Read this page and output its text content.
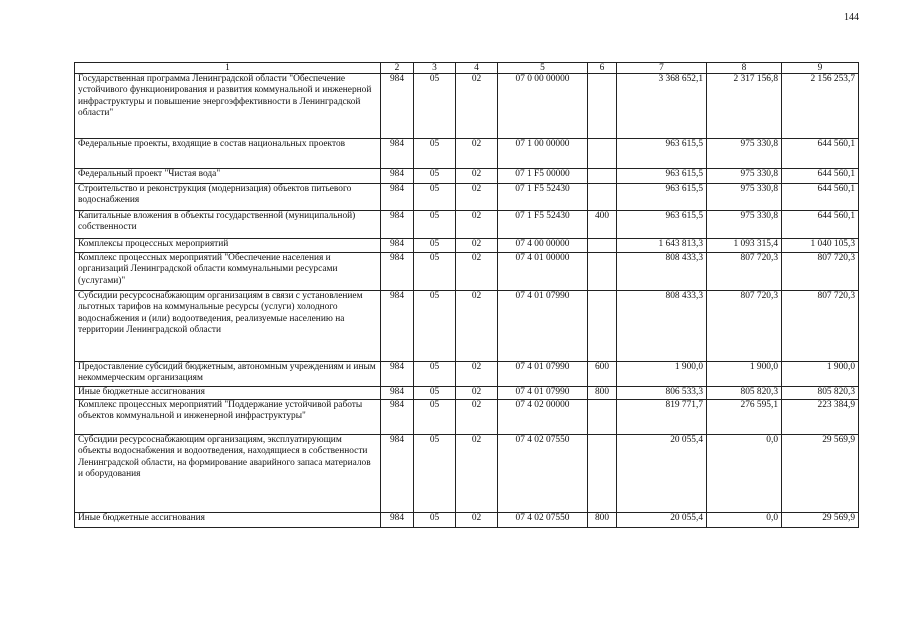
144
1	2	3	4	5	6	7	8	9
Государственная программа Ленинградской области "Обеспечение устойчивого функционирования и развития коммунальной и инженерной инфраструктуры и повышение энергоэффективности в Ленинградской области"	984	05	02	07 0 00 00000		3 368 652,1	2 317 156,8	2 156 253,7
Федеральные проекты, входящие в состав национальных проектов	984	05	02	07 1 00 00000		963 615,5	975 330,8	644 560,1
Федеральный проект "Чистая вода"	984	05	02	07 1 F5 00000		963 615,5	975 330,8	644 560,1
Строительство и реконструкция (модернизация) объектов питьевого водоснабжения	984	05	02	07 1 F5 52430		963 615,5	975 330,8	644 560,1
Капитальные вложения в объекты государственной (муниципальной) собственности	984	05	02	07 1 F5 52430	400	963 615,5	975 330,8	644 560,1
Комплексы процессных мероприятий	984	05	02	07 4 00 00000		1 643 813,3	1 093 315,4	1 040 105,3
Комплекс процессных мероприятий "Обеспечение населения и организаций Ленинградской области коммунальными ресурсами (услугами)"	984	05	02	07 4 01 00000		808 433,3	807 720,3	807 720,3
Субсидии ресурсоснабжающим организациям в связи с установлением льготных тарифов на коммунальные ресурсы (услуги) холодного водоснабжения и (или) водоотведения, реализуемые населению на территории Ленинградской области	984	05	02	07 4 01 07990		808 433,3	807 720,3	807 720,3
Предоставление субсидий бюджетным, автономным учреждениям и иным некоммерческим организациям	984	05	02	07 4 01 07990	600	1 900,0	1 900,0	1 900,0
Иные бюджетные ассигнования	984	05	02	07 4 01 07990	800	806 533,3	805 820,3	805 820,3
Комплекс процессных мероприятий "Поддержание устойчивой работы объектов коммунальной и инженерной инфраструктуры"	984	05	02	07 4 02 00000		819 771,7	276 595,1	223 384,9
Субсидии ресурсоснабжающим организациям, эксплуатирующим объекты водоснабжения и водоотведения, находящиеся в собственности Ленинградской области, на формирование аварийного запаса материалов и оборудования	984	05	02	07 4 02 07550		20 055,4	0,0	29 569,9
Иные бюджетные ассигнования	984	05	02	07 4 02 07550	800	20 055,4	0,0	29 569,9
